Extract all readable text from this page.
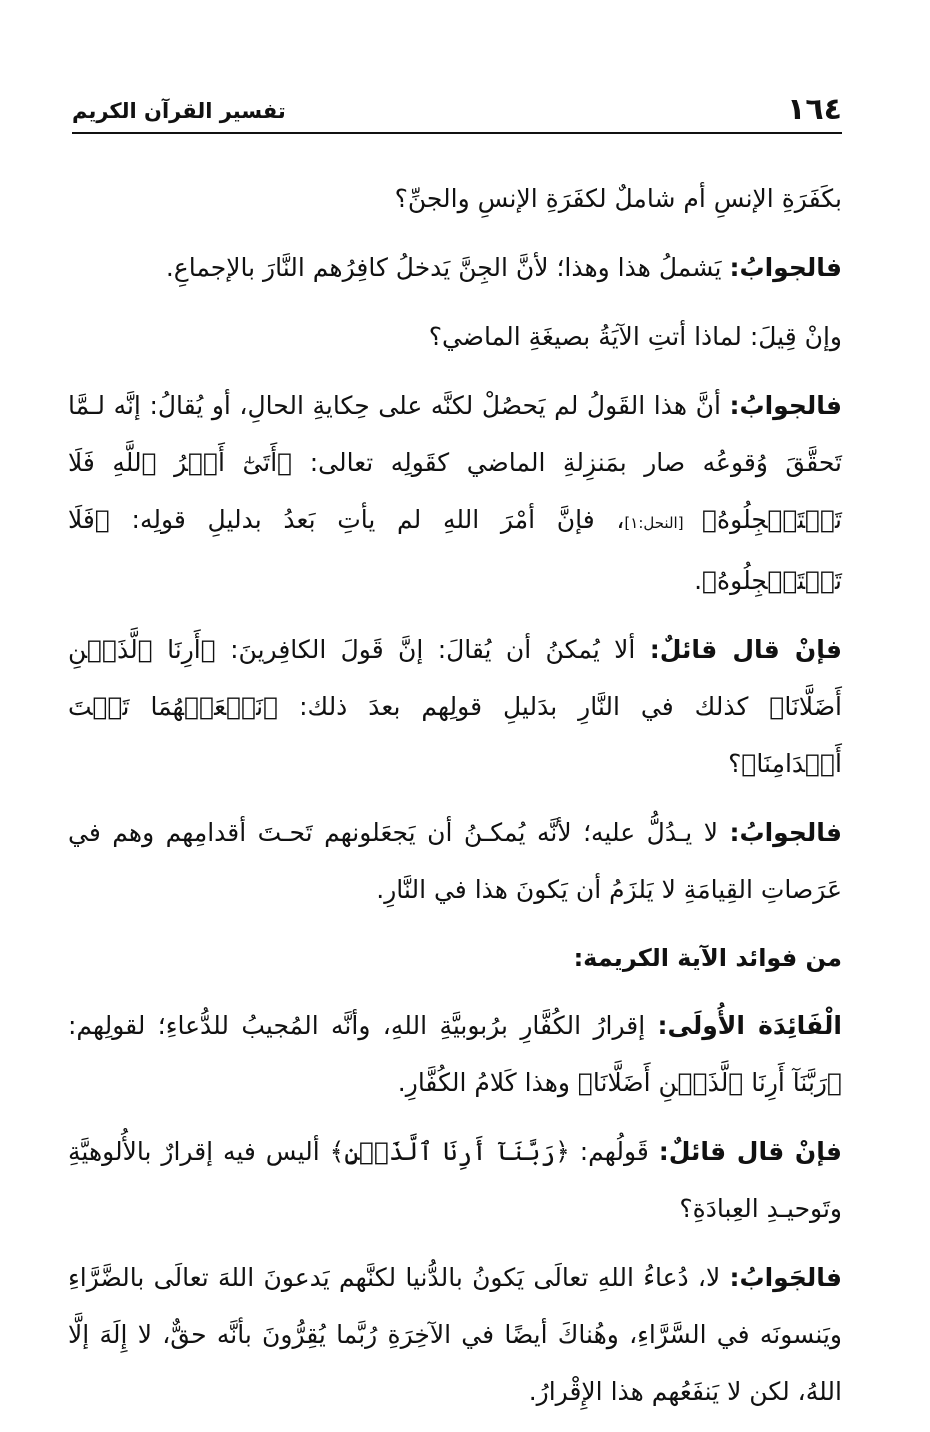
١٦٤
تفسير القرآن الكريم

بكَفَرَةِ الإنسِ أم شاملٌ لكفَرَةِ الإنسِ والجنِّ؟

فالجوابُ: يَشملُ هذا وهذا؛ لأنَّ الجِنَّ يَدخلُ كافِرُهم النَّارَ بالإجماعِ.

وإنْ قِيلَ: لماذا أتتِ الآيَةُ بصيغَةِ الماضي؟

فالجوابُ: أنَّ هذا القَولُ لم يَحصُلْ لكنَّه على حِكايةِ الحالِ، أو يُقالُ: إنَّه لـمَّا تَحقَّقَ وُقوعُه صار بمَنزِلةِ الماضي كقَولِه تعالى: ﴿أَتَىٰٓ أَمۡرُ ٱللَّهِ فَلَا تَسۡتَعۡجِلُوهُ﴾ [النحل:١]، فإنَّ أمْرَ اللهِ لم يأتِ بَعدُ بدليلِ قولِه: ﴿فَلَا تَسۡتَعۡجِلُوهُ﴾.

فإنْ قال قائلٌ: ألا يُمكنُ أن يُقالَ: إنَّ قَولَ الكافِرينَ: ﴿أَرِنَا ٱلَّذَيۡنِ أَضَلَّانَا﴾ كذلك في النَّارِ بدَليلِ قولِهم بعدَ ذلك: ﴿نَجۡعَلۡهُمَا تَحۡتَ أَقۡدَامِنَا﴾؟

فالجوابُ: لا يـدُلُّ عليه؛ لأنَّه يُمكـنُ أن يَجعَلونهم تَحـتَ أقدامِهم وهم في عَرَصاتِ القِيامَةِ لا يَلزَمُ أن يَكونَ هذا في النَّارِ.

من فوائد الآية الكريمة:

الْفَائِدَة الأُولَى: إقرارُ الكُفَّارِ برُبوبيَّةِ اللهِ، وأنَّه المُجيبُ للدُّعاءِ؛ لقولِهم: ﴿رَبَّنَآ أَرِنَا ٱلَّذَيۡنِ أَضَلَّانَا﴾ وهذا كَلامُ الكُفَّارِ.

فإنْ قال قائلٌ: قَولُهم: ﴿رَبَّنَآ أَرِنَا ٱلَّذَيۡنِ﴾ أليس فيه إقرارٌ بالأُلوهيَّةِ وتَوحيـدِ العِبادَةِ؟

فالجَوابُ: لا، دُعاءُ اللهِ تعالَى يَكونُ بالدُّنيا لكنَّهم يَدعونَ اللهَ تعالَى بالضَّرَّاءِ ويَنسونَه في السَّرَّاءِ، وهُناكَ أيضًا في الآخِرَةِ رُبَّما يُقِرُّونَ بأنَّه حقٌّ، لا إِلَهَ إلَّا اللهُ، لكن لا يَنفَعُهم هذا الإِقْرارُ.
